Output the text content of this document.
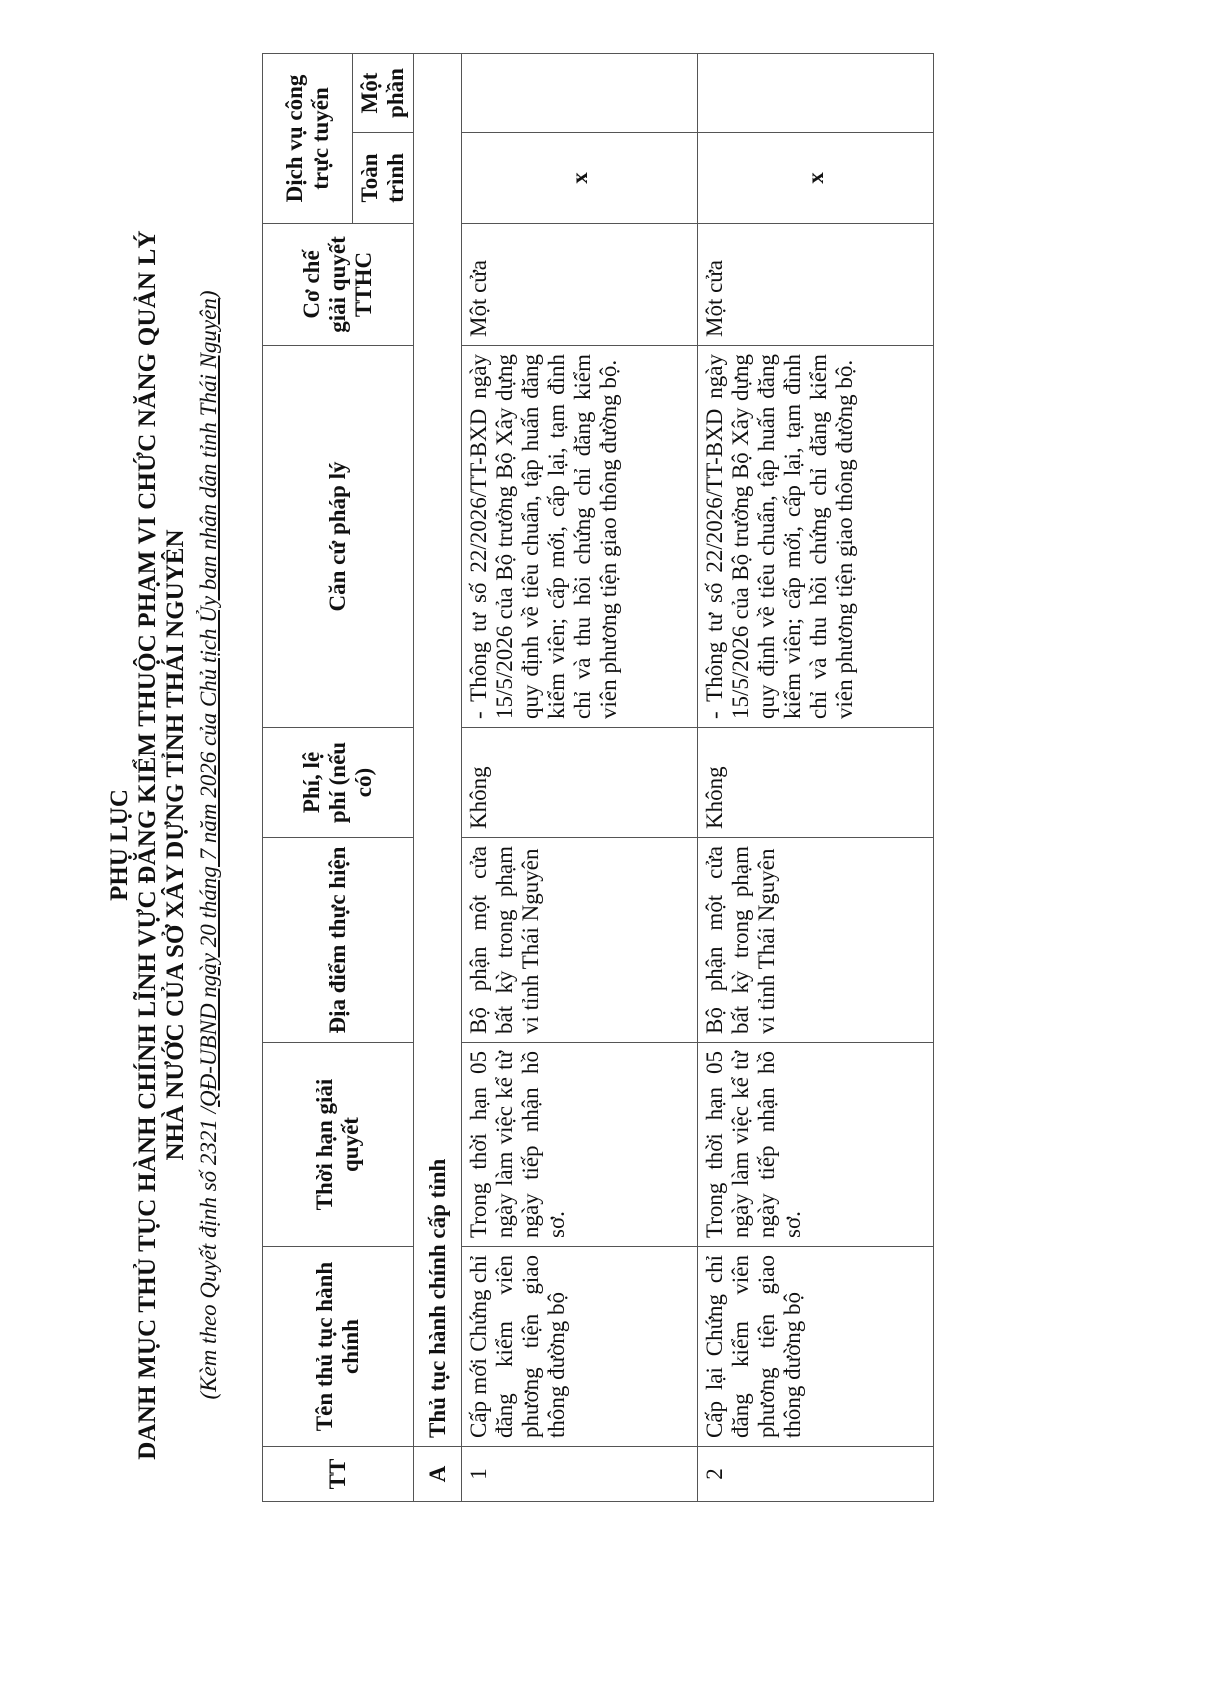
PHỤ LỤC DANH MỤC THỦ TỤC HÀNH CHÍNH LĨNH VỰC ĐĂNG KIỂM THUỘC PHẠM VI CHỨC NĂNG QUẢN LÝ NHÀ NƯỚC CỦA SỞ XÂY DỰNG TỈNH THÁI NGUYÊN
(Kèm theo Quyết định số 2321 /QĐ-UBND ngày 20 tháng 7 năm 2026 của Chủ tịch Ủy ban nhân dân tỉnh Thái Nguyên)
TT	Tên thủ tục hành chính	Thời hạn giải quyết	Địa điểm thực hiện	Phí, lệ phí (nếu có)	Căn cứ pháp lý	Cơ chế giải quyết TTHC	Dịch vụ công trực tuyến	
							Toàn trình	Một phần
A	Thủ tục hành chính cấp tỉnh							
1	Cấp mới Chứng chỉ đăng kiểm viên phương tiện giao thông đường bộ	Trong thời hạn 05 ngày làm việc kể từ ngày tiếp nhận hồ sơ.	Bộ phận một cửa bất kỳ trong phạm vi tỉnh Thái Nguyên	Không	- Thông tư số 22/2026/TT-BXD ngày 15/5/2026 của Bộ trưởng Bộ Xây dựng quy định về tiêu chuẩn, tập huấn đăng kiểm viên; cấp mới, cấp lại, tạm đình chỉ và thu hồi chứng chỉ đăng kiểm viên phương tiện giao thông đường bộ.	Một cửa	x	
2	Cấp lại Chứng chỉ đăng kiểm viên phương tiện giao thông đường bộ	Trong thời hạn 05 ngày làm việc kể từ ngày tiếp nhận hồ sơ.	Bộ phận một cửa bất kỳ trong phạm vi tỉnh Thái Nguyên	Không	- Thông tư số 22/2026/TT-BXD ngày 15/5/2026 của Bộ trưởng Bộ Xây dựng quy định về tiêu chuẩn, tập huấn đăng kiểm viên; cấp mới, cấp lại, tạm đình chỉ và thu hồi chứng chỉ đăng kiểm viên phương tiện giao thông đường bộ.	Một cửa	x	
